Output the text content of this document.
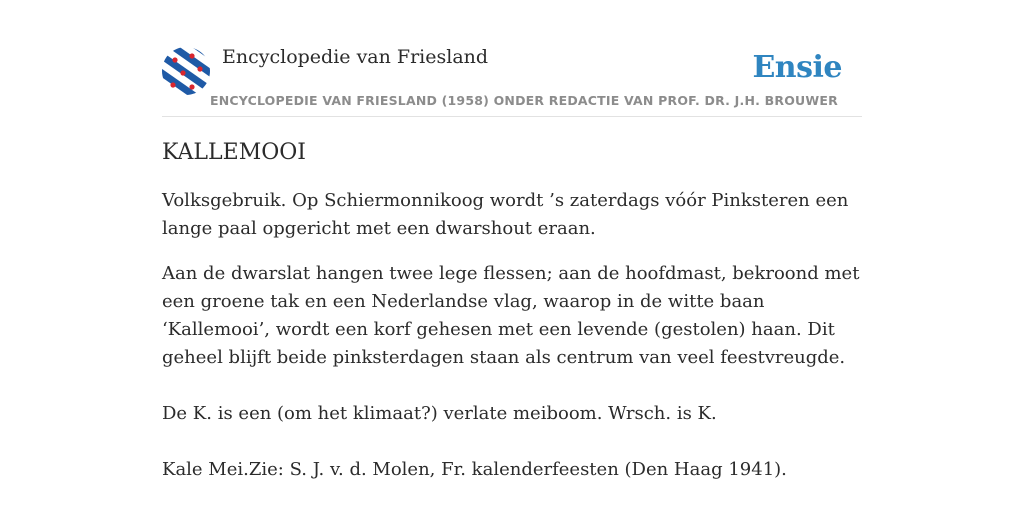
Encyclopedie van Friesland
ENCYCLOPEDIE VAN FRIESLAND (1958) ONDER REDACTIE VAN PROF. DR. J.H. BROUWER
Ensie
KALLEMOOI

Volksgebruik. Op Schiermonnikoog wordt ’s zaterdags vóór Pinksteren een lange paal opgericht met een dwarshout eraan.

Aan de dwarslat hangen twee lege flessen; aan de hoofdmast, bekroond met een groene tak en een Nederlandse vlag, waarop in de witte baan ‘Kallemooi’, wordt een korf gehesen met een levende (gestolen) haan. Dit geheel blijft beide pinksterdagen staan als centrum van veel feestvreugde.

De K. is een (om het klimaat?) verlate meiboom. Wrsch. is K.

Kale Mei.Zie: S. J. v. d. Molen, Fr. kalenderfeesten (Den Haag 1941).
